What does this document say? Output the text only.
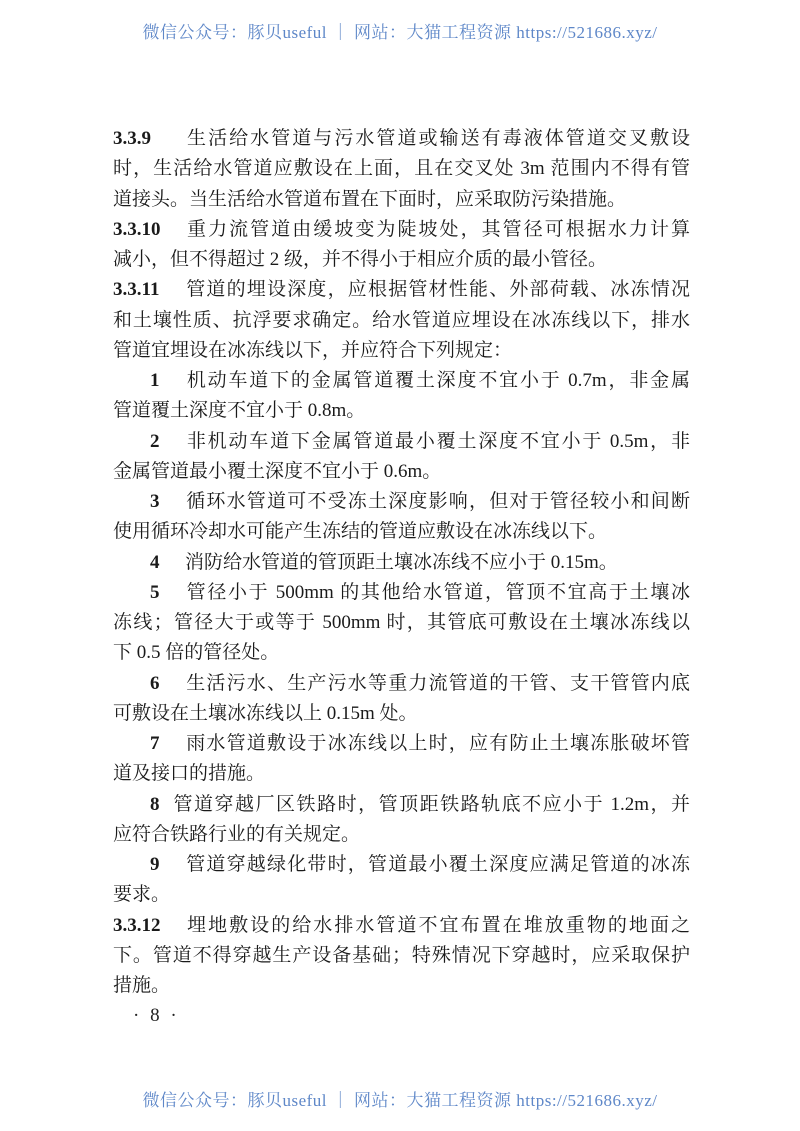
微信公众号：豚贝useful ｜ 网站：大猫工程资源 https://521686.xyz/
3.3.9 生活给水管道与污水管道或输送有毒液体管道交叉敷设
时，生活给水管道应敷设在上面，且在交叉处 3m 范围内不得有管
道接头。当生活给水管道布置在下面时，应采取防污染措施。
3.3.10 重力流管道由缓坡变为陡坡处，其管径可根据水力计算
减小，但不得超过 2 级，并不得小于相应介质的最小管径。
3.3.11 管道的埋设深度，应根据管材性能、外部荷载、冰冻情况
和土壤性质、抗浮要求确定。给水管道应埋设在冰冻线以下，排水
管道宜埋设在冰冻线以下，并应符合下列规定：
1 机动车道下的金属管道覆土深度不宜小于 0.7m，非金属
管道覆土深度不宜小于 0.8m。
2 非机动车道下金属管道最小覆土深度不宜小于 0.5m，非
金属管道最小覆土深度不宜小于 0.6m。
3 循环水管道可不受冻土深度影响，但对于管径较小和间断
使用循环冷却水可能产生冻结的管道应敷设在冰冻线以下。
4 消防给水管道的管顶距土壤冰冻线不应小于 0.15m。
5 管径小于 500mm 的其他给水管道，管顶不宜高于土壤冰
冻线；管径大于或等于 500mm 时，其管底可敷设在土壤冰冻线以
下 0.5 倍的管径处。
6 生活污水、生产污水等重力流管道的干管、支干管管内底
可敷设在土壤冰冻线以上 0.15m 处。
7 雨水管道敷设于冰冻线以上时，应有防止土壤冻胀破坏管
道及接口的措施。
8 管道穿越厂区铁路时，管顶距铁路轨底不应小于 1.2m，并
应符合铁路行业的有关规定。
9 管道穿越绿化带时，管道最小覆土深度应满足管道的冰冻
要求。
3.3.12 埋地敷设的给水排水管道不宜布置在堆放重物的地面之
下。管道不得穿越生产设备基础；特殊情况下穿越时，应采取保护
措施。
· 8 ·
微信公众号：豚贝useful ｜ 网站：大猫工程资源 https://521686.xyz/
